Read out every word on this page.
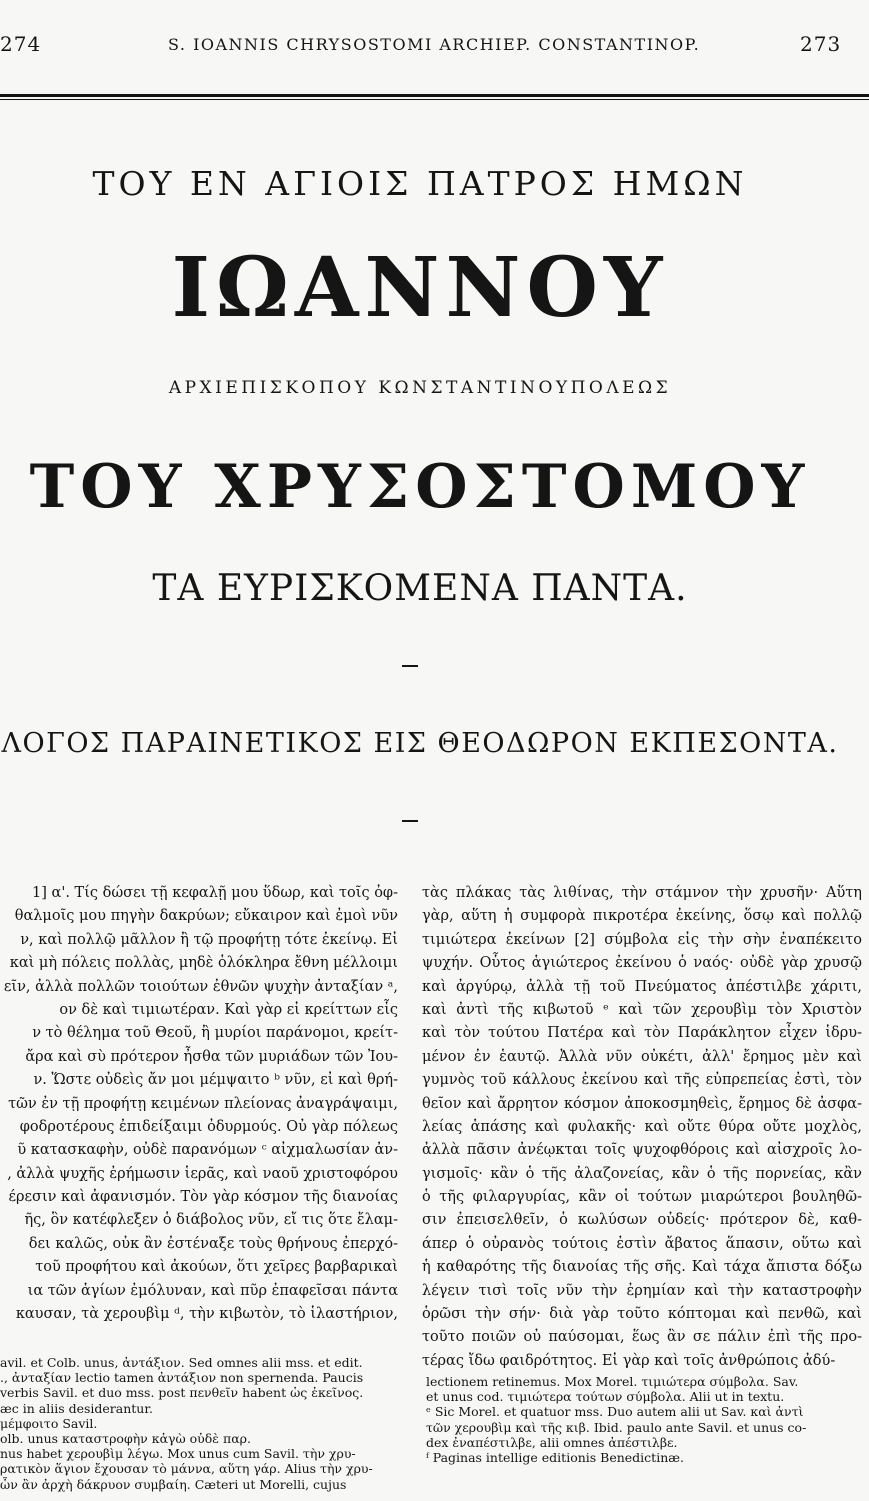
274	S. IOANNIS CHRYSOSTOMI ARCHIEP. CONSTANTINOP.	273
ΤΟΥ ΕΝ ΑΓΙΟΙΣ ΠΑΤΡΟΣ ΗΜΩΝ
ΙΩΑΝΝΟΥ
ΑΡΧΙΕΠΙΣΚΟΠΟΥ ΚΩΝΣΤΑΝΤΙΝΟΥΠΟΛΕΩΣ
ΤΟΥ ΧΡΥΣΟΣΤΟΜΟΥ
ΤΑ ΕΥΡΙΣΚΟΜΕΝΑ ΠΑΝΤΑ.
ΛΟΓΟΣ ΠΑΡΑΙΝΕΤΙΚΟΣ ΕΙΣ ΘΕΟΔΩΡΟΝ ΕΚΠΕΣΟΝΤΑ.
1] α'. Τίς δώσει τῇ κεφαλῇ μου ὕδωρ, καὶ τοῖς ὀφ-
θαλμοῖς μου πηγὴν δακρύων; εὔκαιρον καὶ ἐμοὶ νῦν
ν, καὶ πολλῷ μᾶλλον ἢ τῷ προφήτῃ τότε ἐκείνῳ. Εἰ
καὶ μὴ πόλεις πολλὰς, μηδὲ ὁλόκληρα ἔθνη μέλλοιμι
εῖν, ἀλλὰ πολλῶν τοιούτων ἐθνῶν ψυχὴν ἀνταξίαν ᵃ,
ον δὲ καὶ τιμιωτέραν. Καὶ γὰρ εἰ κρείττων εἷς
ν τὸ θέλημα τοῦ Θεοῦ, ἢ μυρίοι παράνομοι, κρείτ-
ἄρα καὶ σὺ πρότερον ἦσθα τῶν μυριάδων τῶν Ἰου-
ν. Ὥστε οὐδεὶς ἄν μοι μέμψαιτο ᵇ νῦν, εἰ καὶ θρή-
τῶν ἐν τῇ προφήτῃ κειμένων πλείονας ἀναγράψαιμι,
φοδροτέρους ἐπιδείξαιμι ὀδυρμούς. Οὐ γὰρ πόλεως
ῦ κατασκαφὴν, οὐδὲ παρανόμων ᶜ αἰχμαλωσίαν ἀν-
, ἀλλὰ ψυχῆς ἐρήμωσιν ἱερᾶς, καὶ ναοῦ χριστοφόρου
έρεσιν καὶ ἀφανισμόν. Τὸν γὰρ κόσμον τῆς διανοίας
ῆς, ὃν κατέφλεξεν ὁ διάβολος νῦν, εἴ τις ὅτε ἔλαμ-
δει καλῶς, οὐκ ἂν ἐστέναξε τοὺς θρήνους ἐπερχό-
τοῦ προφήτου καὶ ἀκούων, ὅτι χεῖρες βαρβαρικαὶ
ια τῶν ἁγίων ἐμόλυναν, καὶ πῦρ ἐπαφεῖσαι πάντα
καυσαν, τὰ χερουβὶμ ᵈ, τὴν κιβωτὸν, τὸ ἱλαστήριον,
τὰς πλάκας τὰς λιθίνας, τὴν στάμνον τὴν χρυσῆν· Αὕτη
γὰρ, αὕτη ἡ συμφορὰ πικροτέρα ἐκείνης, ὅσῳ καὶ πολλῷ
τιμιώτερα ἐκείνων [2] σύμβολα εἰς τὴν σὴν ἐναπέκειτο
ψυχήν. Οὗτος ἁγιώτερος ἐκείνου ὁ ναός· οὐδὲ γὰρ χρυσῷ
καὶ ἀργύρῳ, ἀλλὰ τῇ τοῦ Πνεύματος ἀπέστιλβε χάριτι,
καὶ ἀντὶ τῆς κιβωτοῦ ᵉ καὶ τῶν χερουβὶμ τὸν Χριστὸν
καὶ τὸν τούτου Πατέρα καὶ τὸν Παράκλητον εἶχεν ἱδρυ-
μένον ἐν ἑαυτῷ. Ἀλλὰ νῦν οὐκέτι, ἀλλ' ἔρημος μὲν καὶ
γυμνὸς τοῦ κάλλους ἐκείνου καὶ τῆς εὐπρεπείας ἐστὶ, τὸν
θεῖον καὶ ἄρρητον κόσμον ἀποκοσμηθεὶς, ἔρημος δὲ ἀσφα-
λείας ἁπάσης καὶ φυλακῆς· καὶ οὔτε θύρα οὔτε μοχλὸς,
ἀλλὰ πᾶσιν ἀνέῳκται τοῖς ψυχοφθόροις καὶ αἰσχροῖς λο-
γισμοῖς· κἂν ὁ τῆς ἀλαζονείας, κἂν ὁ τῆς πορνείας, κἂν
ὁ τῆς φιλαργυρίας, κἂν οἱ τούτων μιαρώτεροι βουληθῶ-
σιν ἐπεισελθεῖν, ὁ κωλύσων οὐδείς· πρότερον δὲ, καθ-
άπερ ὁ οὐρανὸς τούτοις ἐστὶν ἄβατος ἅπασιν, οὕτω καὶ
ἡ καθαρότης τῆς διανοίας τῆς σῆς. Καὶ τάχα ἄπιστα δόξω
λέγειν τισὶ τοῖς νῦν τὴν ἐρημίαν καὶ τὴν καταστροφὴν
ὁρῶσι τὴν σήν· διὰ γὰρ τοῦτο κόπτομαι καὶ πενθῶ, καὶ
τοῦτο ποιῶν οὐ παύσομαι, ἕως ἂν σε πάλιν ἐπὶ τῆς προ-
τέρας ἴδω φαιδρότητος. Εἰ γὰρ καὶ τοῖς ἀνθρώποις ἀδύ-
avil. et Colb. unus, ἀντάξιον. Sed omnes alii mss. et edit.
., ἀνταξίαν lectio tamen ἀντάξιον non spernenda. Paucis
verbis Savil. et duo mss. post πενθεῖν habent ὡς ἐκεῖνος.
æc in aliis desiderantur.
μέμφοιτο Savil.
olb. unus καταστροφὴν κἀγὼ οὐδὲ παρ.
nus habet χερουβὶμ λέγω. Mox unus cum Savil. τὴν χρυ-
ρατικὸν ἅγιον ἔχουσαν τὸ μάννα, αὕτη γάρ. Alius τὴν χρυ-
ὧν ἂν ἀρχὴ δάκρυον συμβαίη. Cæteri ut Morelli, cujus
lectionem retinemus. Mox Morel. τιμιώτερα σύμβολα. Sav.
et unus cod. τιμιώτερα τούτων σύμβολα. Alii ut in textu.
ᵉ Sic Morel. et quatuor mss. Duo autem alii ut Sav. καὶ ἀντὶ
τῶν χερουβὶμ καὶ τῆς κιβ. Ibid. paulo ante Savil. et unus co-
dex ἐναπέστιλβε, alii omnes ἀπέστιλβε.
ᶠ Paginas intellige editionis Benedictinæ.
